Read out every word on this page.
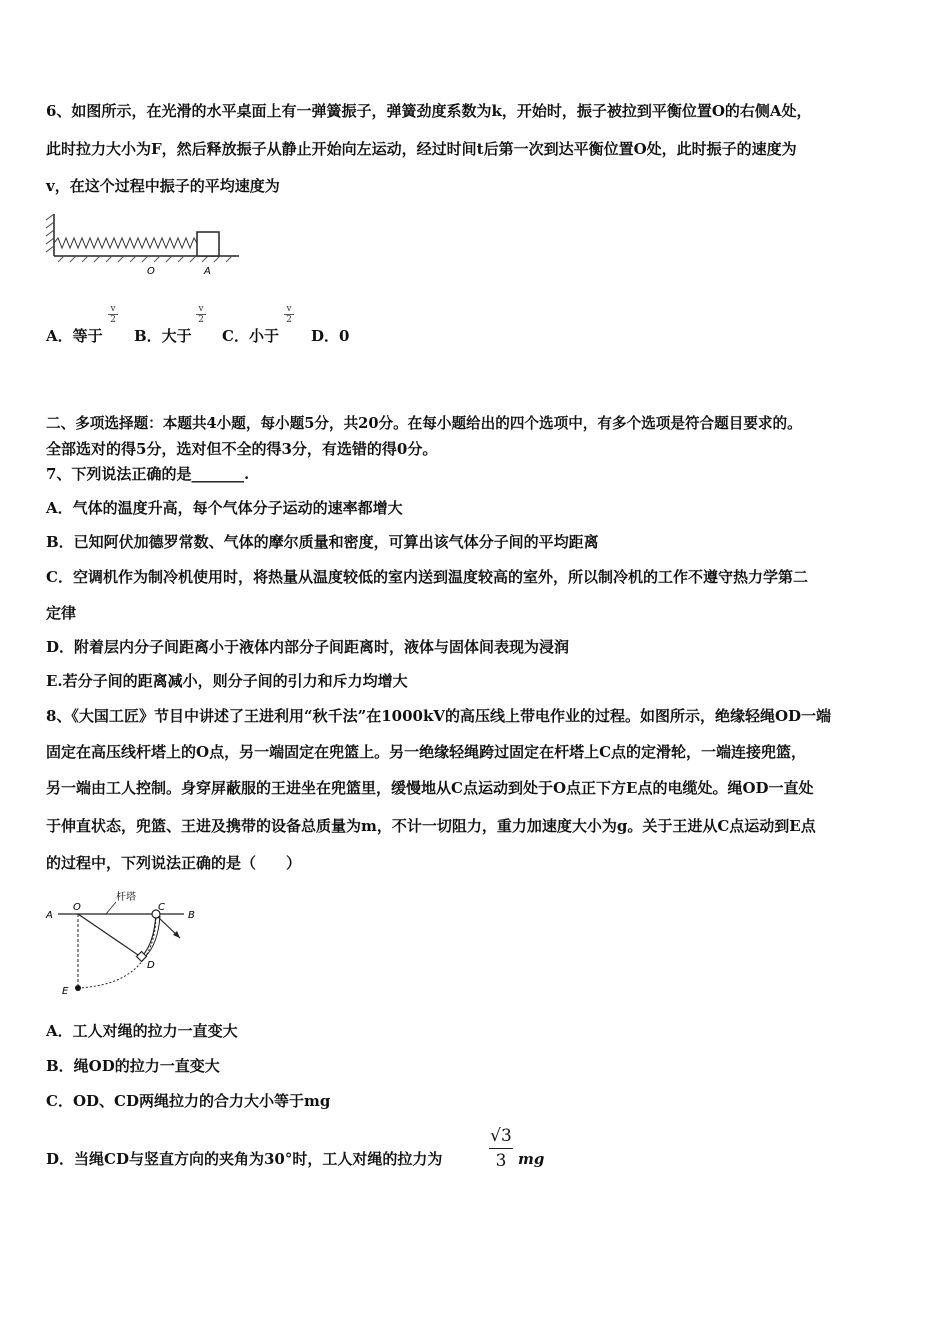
6、如图所示，在光滑的水平桌面上有一弹簧振子，弹簧劲度系数为k，开始时，振子被拉到平衡位置O的右侧A处，
此时拉力大小为F，然后释放振子从静止开始向左运动，经过时间t后第一次到达平衡位置O处，此时振子的速度为
v，在这个过程中振子的平均速度为
O	A
A．等于
v
2
B．大于
v
2
C．小于
v
2
D．0
二、多项选择题：本题共4小题，每小题5分，共20分。在每小题给出的四个选项中，有多个选项是符合题目要求的。
全部选对的得5分，选对但不全的得3分，有选错的得0分。
7、下列说法正确的是_______.
A．气体的温度升高，每个气体分子运动的速率都增大
B．已知阿伏加德罗常数、气体的摩尔质量和密度，可算出该气体分子间的平均距离
C．空调机作为制冷机使用时，将热量从温度较低的室内送到温度较高的室外，所以制冷机的工作不遵守热力学第二
定律
D．附着层内分子间距离小于液体内部分子间距离时，液体与固体间表现为浸润
E.若分子间的距离减小，则分子间的引力和斥力均增大
8、《大国工匠》节目中讲述了王进利用“秋千法”在1000kV的高压线上带电作业的过程。如图所示，绝缘轻绳OD一端
固定在高压线杆塔上的O点，另一端固定在兜篮上。另一绝缘轻绳跨过固定在杆塔上C点的定滑轮，一端连接兜篮，
另一端由工人控制。身穿屏蔽服的王进坐在兜篮里，缓慢地从C点运动到处于O点正下方E点的电缆处。绳OD一直处
于伸直状态，兜篮、王进及携带的设备总质量为m，不计一切阻力，重力加速度大小为g。关于王进从C点运动到E点
的过程中，下列说法正确的是（　　）
A
O
杆塔
C
B
D
E
A．工人对绳的拉力一直变大
B．绳OD的拉力一直变大
C．OD、CD两绳拉力的合力大小等于mg
D．当绳CD与竖直方向的夹角为30°时，工人对绳的拉力为
√3
3 mg
